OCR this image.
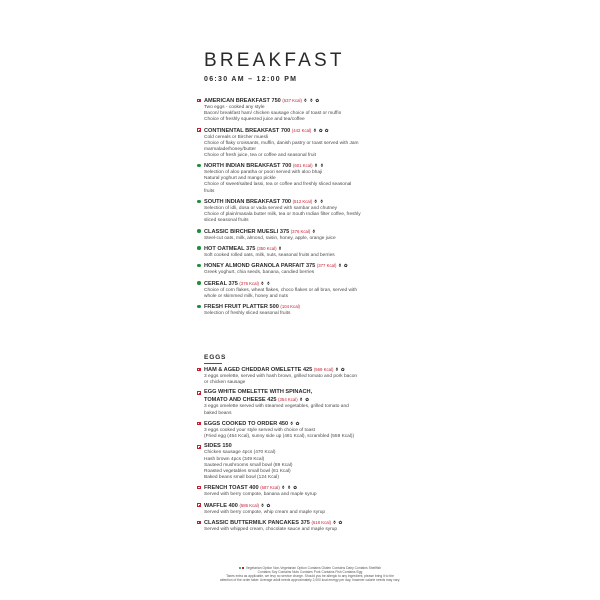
BREAKFAST
06:30 AM – 12:00 PM
AMERICAN BREAKFAST 750 (637 Kcal) ⚱ ⚱ ✿
Two eggs - cooked any style
Bacon/ breakfast ham/ chicken sausage choice of toast or muffin
Choice of freshly squeezed juice and tea/coffee
CONTINENTAL BREAKFAST 700 (442 Kcal) ⚱ ✿ ✿
Cold cereals or Bircher muesli
Choice of flaky croissants, muffin, danish pastry or toast served with Jam
marmalade/honey/butter
Choice of fresh juice, tea or coffee and seasonal fruit
NORTH INDIAN BREAKFAST 700 (601 Kcal) ⚱ ⚱
Selection of aloo paratha or poori served with aloo bhaji
Natural yoghurt and mango pickle
Choice of sweet/salted lassi, tea or coffee and freshly sliced seasonal
fruits
SOUTH INDIAN BREAKFAST 700 (512 Kcal) ⚱ ⚱
Selection of idli, dosa or vada served with sambar and chutney
Choice of plain/masala butter milk, tea or South Indian filter coffee, freshly
sliced seasonal fruits
CLASSIC BIRCHER MUESLI 375 (376 Kcal) ⚱
Steel-cut oats, milk, almond, raisin, honey, apple, orange juice
HOT OATMEAL 375 (350 Kcal) ⚱
Soft cooked rolled oats, milk, nuts, seasonal fruits and berries
HONEY ALMOND GRANOLA PARFAIT 375 (377 Kcal) ⚱ ✿
Greek yoghurt, chia seeds, banana, candied berries
CEREAL 375 (376 Kcal) ⚱ ⚱
Choice of corn flakes, wheat flakes, choco flakes or all bran, served with
whole or skimmed milk, honey and nuts
FRESH FRUIT PLATTER 500 (104 Kcal)
Selection of freshly sliced seasonal fruits
EGGS
HAM & AGED CHEDDAR OMELETTE 425 (569 Kcal) ⚱ ✿
3 eggs omelette, served with hash brown, grilled tomato and pork bacon
or chicken sausage
EGG WHITE OMELETTE WITH SPINACH,
TOMATO AND CHEESE 425 (354 Kcal) ⚱ ✿
3 eggs omelette served with steamed vegetables, grilled tomato and
baked beans
EGGS COOKED TO ORDER 450 ⚱ ✿
3 eggs cooked your style served with choice of toast
(Fried egg (454 Kcal), sunny side up (481 Kcal), scrambled (559 Kcal))
SIDES 150
Chicken sausage 4pcs (470 Kcal)
Hash brown 4pcs (349 Kcal)
Sauteed mushrooms small bowl (89 Kcal)
Roasted vegetables small bowl (81 Kcal)
Baked beans small bowl (124 Kcal)
FRENCH TOAST 400 (687 Kcal) ⚱ ⚱ ✿
Served with berry compote, banana and maple syrup
WAFFLE 400 (586 Kcal) ⚱ ✿
Served with berry compote, whip cream and maple syrup
CLASSIC BUTTERMILK PANCAKES 375 (618 Kcal) ⚱ ✿
Served with whipped cream, chocolate sauce and maple syrup
Vegetarian Option Non-Vegetarian Option Contains Gluten Contains Dairy Contains Shellfish
Contains Soy Contains Nuts Contains Pork Contains Fish Contains Egg
Taxes extra as applicable, we levy no service charge. Should you be allergic to any ingredient, please bring it to the
attention of the order taker. Average adult needs approximately 2,000 kcal energy per day, however calorie needs may vary.
